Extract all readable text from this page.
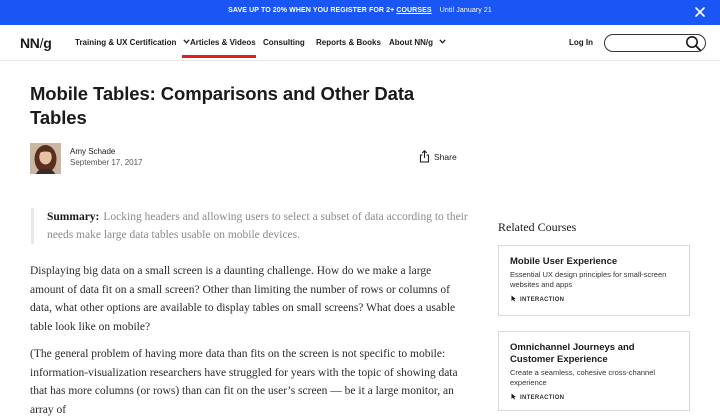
SAVE UP TO 20% WHEN YOU REGISTER FOR 2+ COURSES Until January 21
NN/g	Training & UX Certification	Articles & Videos Consulting Reports & Books About NN/g	Log In
Mobile Tables: Comparisons and Other Data Tables
Amy Schade
September 17, 2017
Share
Summary: Locking headers and allowing users to select a subset of data according to their needs make large data tables usable on mobile devices.

Displaying big data on a small screen is a daunting challenge. How do we make a large amount of data fit on a small screen? Other than limiting the number of rows or columns of data, what other options are available to display tables on small screens? What does a usable table look like on mobile?

(The general problem of having more data than fits on the screen is not specific to mobile: information-visualization researchers have struggled for years with the topic of showing data that has more columns (or rows) than can fit on the user’s screen — be it a large monitor, an array of

Related Courses
Mobile User Experience
Essential UX design principles for small-screen websites and apps
INTERACTION
Omnichannel Journeys and Customer Experience
Create a seamless, cohesive cross-channel experience
INTERACTION
